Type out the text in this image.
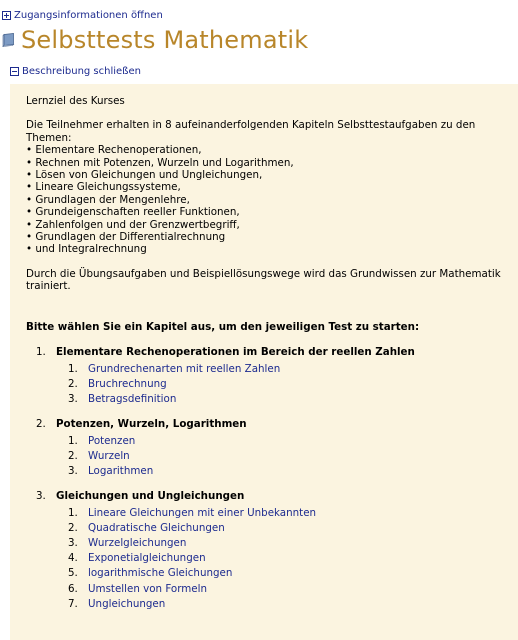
Zugangsinformationen öffnen
Selbsttests Mathematik
Beschreibung schließen
Lernziel des Kurses
Die Teilnehmer erhalten in 8 aufeinanderfolgenden Kapiteln Selbsttestaufgaben zu den Themen:
• Elementare Rechenoperationen,
• Rechnen mit Potenzen, Wurzeln und Logarithmen,
• Lösen von Gleichungen und Ungleichungen,
• Lineare Gleichungssysteme,
• Grundlagen der Mengenlehre,
• Grundeigenschaften reeller Funktionen,
• Zahlenfolgen und der Grenzwertbegriff,
• Grundlagen der Differentialrechnung
• und Integralrechnung
Durch die Übungsaufgaben und Beispiellösungswege wird das Grundwissen zur Mathematik trainiert.
Bitte wählen Sie ein Kapitel aus, um den jeweiligen Test zu starten:
1. Elementare Rechenoperationen im Bereich der reellen Zahlen
1. Grundrechenarten mit reellen Zahlen
2. Bruchrechnung
3. Betragsdefinition
2. Potenzen, Wurzeln, Logarithmen
1. Potenzen
2. Wurzeln
3. Logarithmen
3. Gleichungen und Ungleichungen
1. Lineare Gleichungen mit einer Unbekannten
2. Quadratische Gleichungen
3. Wurzelgleichungen
4. Exponetialgleichungen
5. logarithmische Gleichungen
6. Umstellen von Formeln
7. Ungleichungen
